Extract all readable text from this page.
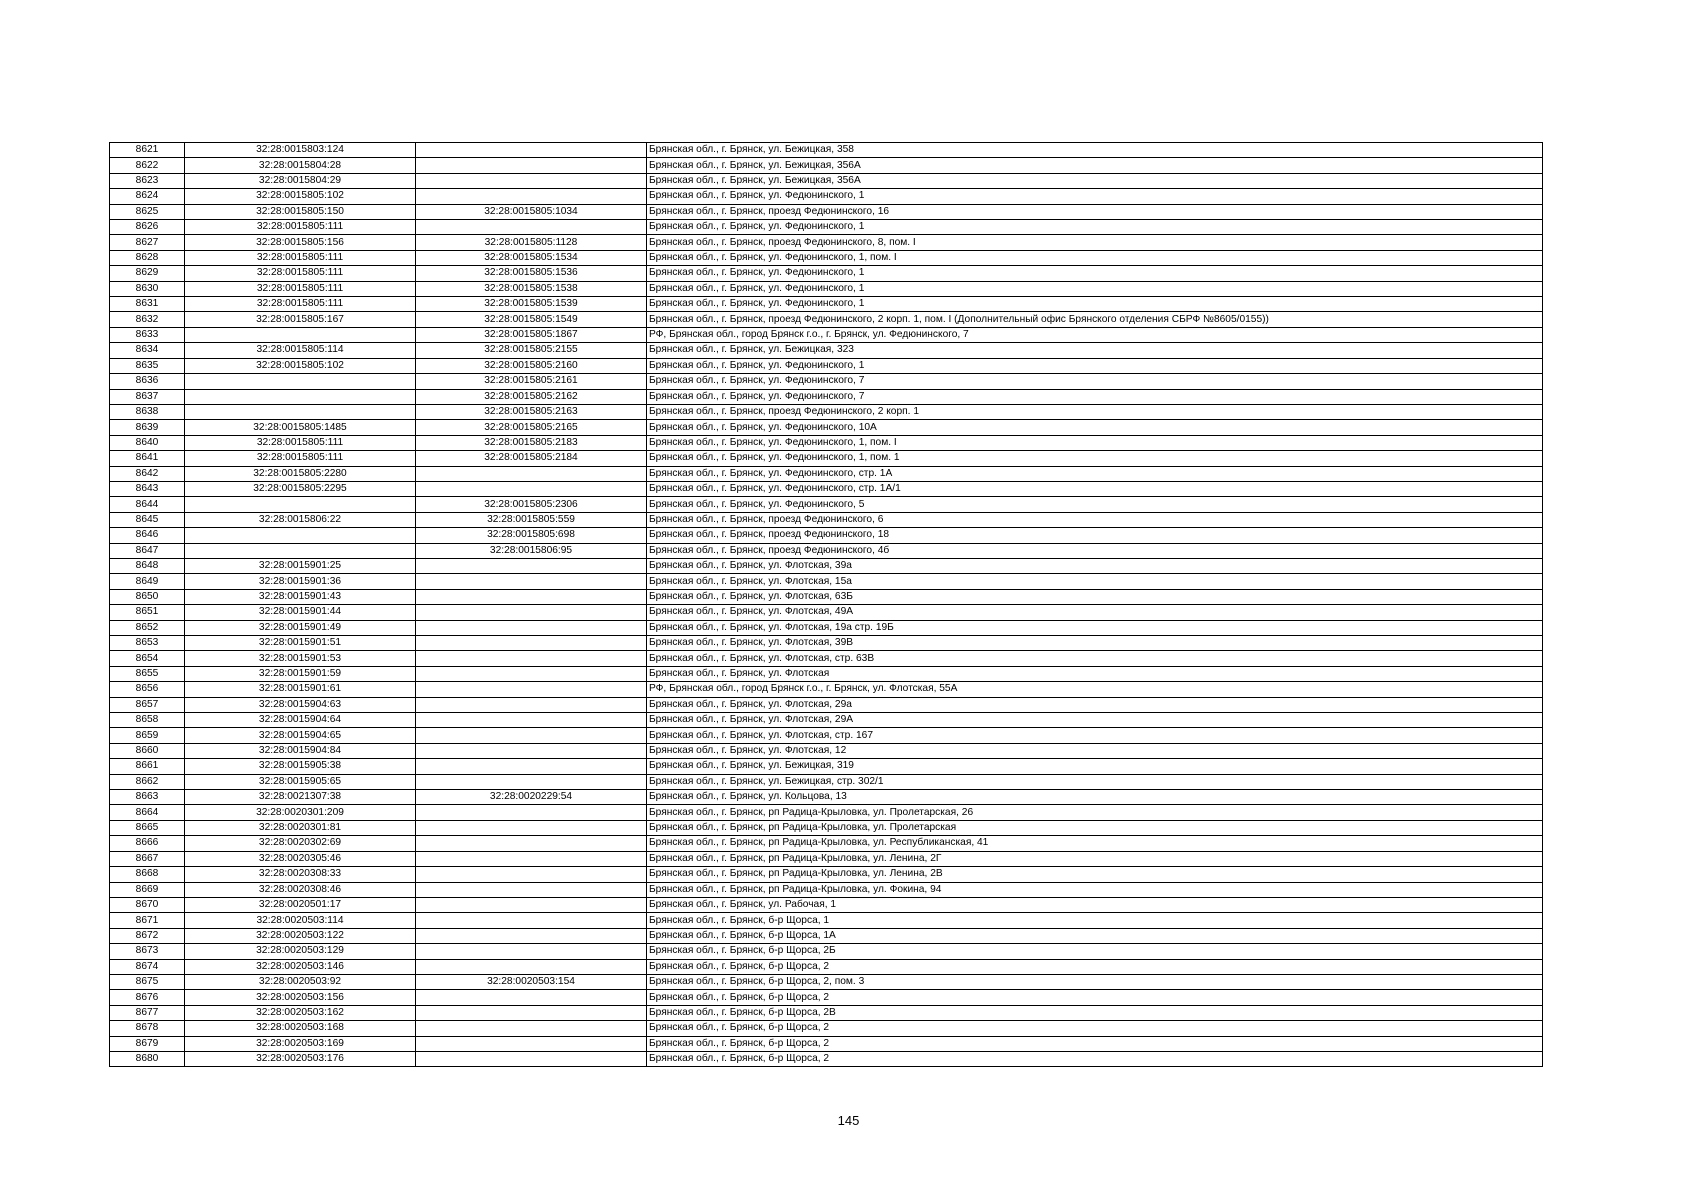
8621	32:28:0015803:124		Брянская обл., г. Брянск, ул. Бежицкая, 358
8622	32:28:0015804:28		Брянская обл., г. Брянск, ул. Бежицкая, 356А
8623	32:28:0015804:29		Брянская обл., г. Брянск, ул. Бежицкая, 356А
8624	32:28:0015805:102		Брянская обл., г. Брянск, ул. Федюнинского, 1
8625	32:28:0015805:150	32:28:0015805:1034	Брянская обл., г. Брянск, проезд Федюнинского, 16
8626	32:28:0015805:111		Брянская обл., г. Брянск, ул. Федюнинского, 1
8627	32:28:0015805:156	32:28:0015805:1128	Брянская обл., г. Брянск, проезд Федюнинского, 8, пом. I
8628	32:28:0015805:111	32:28:0015805:1534	Брянская обл., г. Брянск, ул. Федюнинского, 1, пом. I
8629	32:28:0015805:111	32:28:0015805:1536	Брянская обл., г. Брянск, ул. Федюнинского, 1
8630	32:28:0015805:111	32:28:0015805:1538	Брянская обл., г. Брянск, ул. Федюнинского, 1
8631	32:28:0015805:111	32:28:0015805:1539	Брянская обл., г. Брянск, ул. Федюнинского, 1
8632	32:28:0015805:167	32:28:0015805:1549	Брянская обл., г. Брянск, проезд Федюнинского, 2 корп. 1, пом. I (Дополнительный офис Брянского отделения СБРФ №8605/0155))
8633		32:28:0015805:1867	РФ, Брянская обл., город Брянск г.о., г. Брянск, ул. Федюнинского, 7
8634	32:28:0015805:114	32:28:0015805:2155	Брянская обл., г. Брянск, ул. Бежицкая, 323
8635	32:28:0015805:102	32:28:0015805:2160	Брянская обл., г. Брянск, ул. Федюнинского, 1
8636		32:28:0015805:2161	Брянская обл., г. Брянск, ул. Федюнинского, 7
8637		32:28:0015805:2162	Брянская обл., г. Брянск, ул. Федюнинского, 7
8638		32:28:0015805:2163	Брянская обл., г. Брянск, проезд Федюнинского, 2 корп. 1
8639	32:28:0015805:1485	32:28:0015805:2165	Брянская обл., г. Брянск, ул. Федюнинского, 10А
8640	32:28:0015805:111	32:28:0015805:2183	Брянская обл., г. Брянск, ул. Федюнинского, 1, пом. I
8641	32:28:0015805:111	32:28:0015805:2184	Брянская обл., г. Брянск, ул. Федюнинского, 1, пом. 1
8642	32:28:0015805:2280		Брянская обл., г. Брянск, ул. Федюнинского, стр. 1А
8643	32:28:0015805:2295		Брянская обл., г. Брянск, ул. Федюнинского, стр. 1А/1
8644		32:28:0015805:2306	Брянская обл., г. Брянск, ул. Федюнинского, 5
8645	32:28:0015806:22	32:28:0015805:559	Брянская обл., г. Брянск, проезд Федюнинского, 6
8646		32:28:0015805:698	Брянская обл., г. Брянск, проезд Федюнинского, 18
8647		32:28:0015806:95	Брянская обл., г. Брянск, проезд Федюнинского, 4б
8648	32:28:0015901:25		Брянская обл., г. Брянск, ул. Флотская, 39а
8649	32:28:0015901:36		Брянская обл., г. Брянск, ул. Флотская, 15а
8650	32:28:0015901:43		Брянская обл., г. Брянск, ул. Флотская, 63Б
8651	32:28:0015901:44		Брянская обл., г. Брянск, ул. Флотская, 49А
8652	32:28:0015901:49		Брянская обл., г. Брянск, ул. Флотская, 19а стр. 19Б
8653	32:28:0015901:51		Брянская обл., г. Брянск, ул. Флотская, 39В
8654	32:28:0015901:53		Брянская обл., г. Брянск, ул. Флотская, стр. 63В
8655	32:28:0015901:59		Брянская обл., г. Брянск, ул. Флотская
8656	32:28:0015901:61		РФ, Брянская обл., город Брянск г.о., г. Брянск, ул. Флотская, 55А
8657	32:28:0015904:63		Брянская обл., г. Брянск, ул. Флотская, 29а
8658	32:28:0015904:64		Брянская обл., г. Брянск, ул. Флотская, 29А
8659	32:28:0015904:65		Брянская обл., г. Брянск, ул. Флотская, стр. 167
8660	32:28:0015904:84		Брянская обл., г. Брянск, ул. Флотская, 12
8661	32:28:0015905:38		Брянская обл., г. Брянск, ул. Бежицкая, 319
8662	32:28:0015905:65		Брянская обл., г. Брянск, ул. Бежицкая, стр. 302/1
8663	32:28:0021307:38	32:28:0020229:54	Брянская обл., г. Брянск, ул. Кольцова, 13
8664	32:28:0020301:209		Брянская обл., г. Брянск, рп Радица-Крыловка, ул. Пролетарская, 26
8665	32:28:0020301:81		Брянская обл., г. Брянск, рп Радица-Крыловка, ул. Пролетарская
8666	32:28:0020302:69		Брянская обл., г. Брянск, рп Радица-Крыловка, ул. Республиканская, 41
8667	32:28:0020305:46		Брянская обл., г. Брянск, рп Радица-Крыловка, ул. Ленина, 2Г
8668	32:28:0020308:33		Брянская обл., г. Брянск, рп Радица-Крыловка, ул. Ленина, 2В
8669	32:28:0020308:46		Брянская обл., г. Брянск, рп Радица-Крыловка, ул. Фокина, 94
8670	32:28:0020501:17		Брянская обл., г. Брянск, ул. Рабочая, 1
8671	32:28:0020503:114		Брянская обл., г. Брянск, б-р Щорса, 1
8672	32:28:0020503:122		Брянская обл., г. Брянск, б-р Щорса, 1А
8673	32:28:0020503:129		Брянская обл., г. Брянск, б-р Щорса, 2Б
8674	32:28:0020503:146		Брянская обл., г. Брянск, б-р Щорса, 2
8675	32:28:0020503:92	32:28:0020503:154	Брянская обл., г. Брянск, б-р Щорса, 2, пом. 3
8676	32:28:0020503:156		Брянская обл., г. Брянск, б-р Щорса, 2
8677	32:28:0020503:162		Брянская обл., г. Брянск, б-р Щорса, 2В
8678	32:28:0020503:168		Брянская обл., г. Брянск, б-р Щорса, 2
8679	32:28:0020503:169		Брянская обл., г. Брянск, б-р Щорса, 2
8680	32:28:0020503:176		Брянская обл., г. Брянск, б-р Щорса, 2
145
